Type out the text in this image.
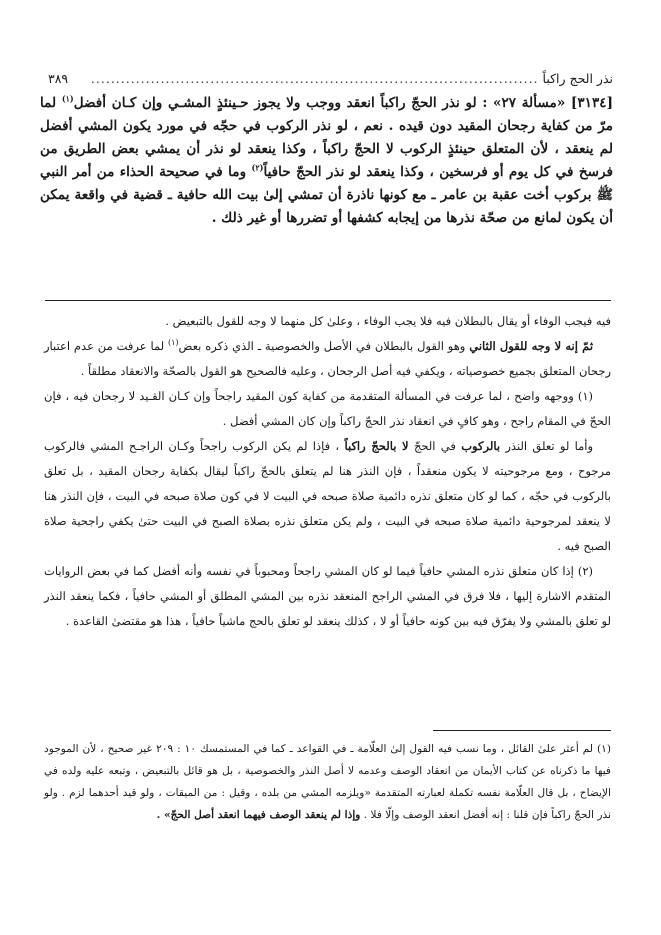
نذر الحج راكباً
..........................................................................................
٣٨٩

[٣١٣٤] «مسألة ٢٧» : لو نذر الحجّ راكباً انعقد ووجب ولا يجوز حـينئذٍ المشـي وإن كـان أفضل$^{(١)}$ لما مرّ من كفاية رجحان المقيد دون قيده . نعم ، لو نذر الركوب في حجّه في مورد يكون المشي أفضل لم ينعقد ، لأن المتعلق حينئذٍ الركوب لا الحجّ راكباً ، وكذا ينعقد لو نذر أن يمشي بعض الطريق من فرسخ في كل يوم أو فرسخين ، وكذا ينعقد لو نذر الحجّ حافياً$^{(٢)}$ وما في صحيحة الحذاء من أمر النبي ﷺ بركوب أخت عقبة بن عامر ـ مع كونها ناذرة أن تمشي إلىٰ بيت الله حافية ـ قضية في واقعة يمكن أن يكون لمانع من صحّة نذرها من إيجابه كشفها أو تضررها أو غير ذلك .

فيه فيجب الوفاء أو يقال بالبطلان فيه فلا يجب الوفاء ، وعلىٰ كل منهما لا وجه للقول بالتبعيض .

ثمّ إنه لا وجه للقول الثاني وهو القول بالبطلان في الأصل والخصوصية ـ الذي ذكره بعض$^{(١)}$ لما عرفت من عدم اعتبار رجحان المتعلق بجميع خصوصياته ، ويكفي فيه أصل الرجحان ، وعليه فالصحيح هو القول بالصحّة والانعقاد مطلقاً .

(١) ووجهه واضح ، لما عرفت في المسألة المتقدمة من كفاية كون المقيد راجحاً وإن كـان القـيد لا رجحان فيه ، فإن الحجّ في المقام راجح ، وهو كافٍ في انعقاد نذر الحجّ راكباً وإن كان المشي أفضل .

وأما لو تعلق النذر بالركوب في الحجّ لا بالحجّ راكباً ، فإذا لم يكن الركوب راجحاً وكـان الراجـح المشي فالركوب مرجوح ، ومع مرجوحيته لا يكون منعقداً ، فإن النذر هنا لم يتعلق بالحجّ راكباً ليقال بكفاية رجحان المقيد ، بل تعلق بالركوب في حجّه ، كما لو كان متعلق نذره دائمية صلاة صبحه في البيت لا في كون صلاة صبحه في البيت ، فإن النذر هنا لا ينعقد لمرجوحية دائمية صلاة صبحه في البيت ، ولم يكن متعلق نذره بصلاة الصبح في البيت حتىٰ يكفي راجحية صلاة الصبح فيه .

(٢) إذا كان متعلق نذره المشي حافياً فيما لو كان المشي راجحاً ومحبوباً في نفسه وأنه أفضل كما في بعض الروايات المتقدم الاشارة إليها ، فلا فرق في المشي الراجح المنعقد نذره بين المشي المطلق أو المشي حافياً ، فكما ينعقد النذر لو تعلق بالمشي ولا يفرّق فيه بين كونه حافياً أو لا ، كذلك ينعقد لو تعلق بالحج ماشياً حافياً ، هذا هو مقتضىٰ القاعدة .

(١) لم أعثر علىٰ القائل ، وما نسب فيه القول إلىٰ العلّامة ـ في القواعد ـ كما في المستمسك ١٠ : ٢٠٩ غير صحيح ، لأن الموجود فيها ما ذكرناه عن كتاب الأيمان من انعقاد الوصف وعدمه لا أصل النذر والخصوصية ، بل هو قائل بالتبعيض ، وتبعه عليه ولده في الإيضاح ، بل قال العلّامة نفسه تكملة لعبارته المتقدمة «ويلزمه المشي من بلده ، وقيل : من الميقات ، ولو قيد أحدهما لزم . ولو نذر الحجّ راكباً فإن قلنا : إنه أفضل انعقد الوصف وإلّا فلا . وإذا لم ينعقد الوصف فيهما انعقد أصل الحجّ» .
